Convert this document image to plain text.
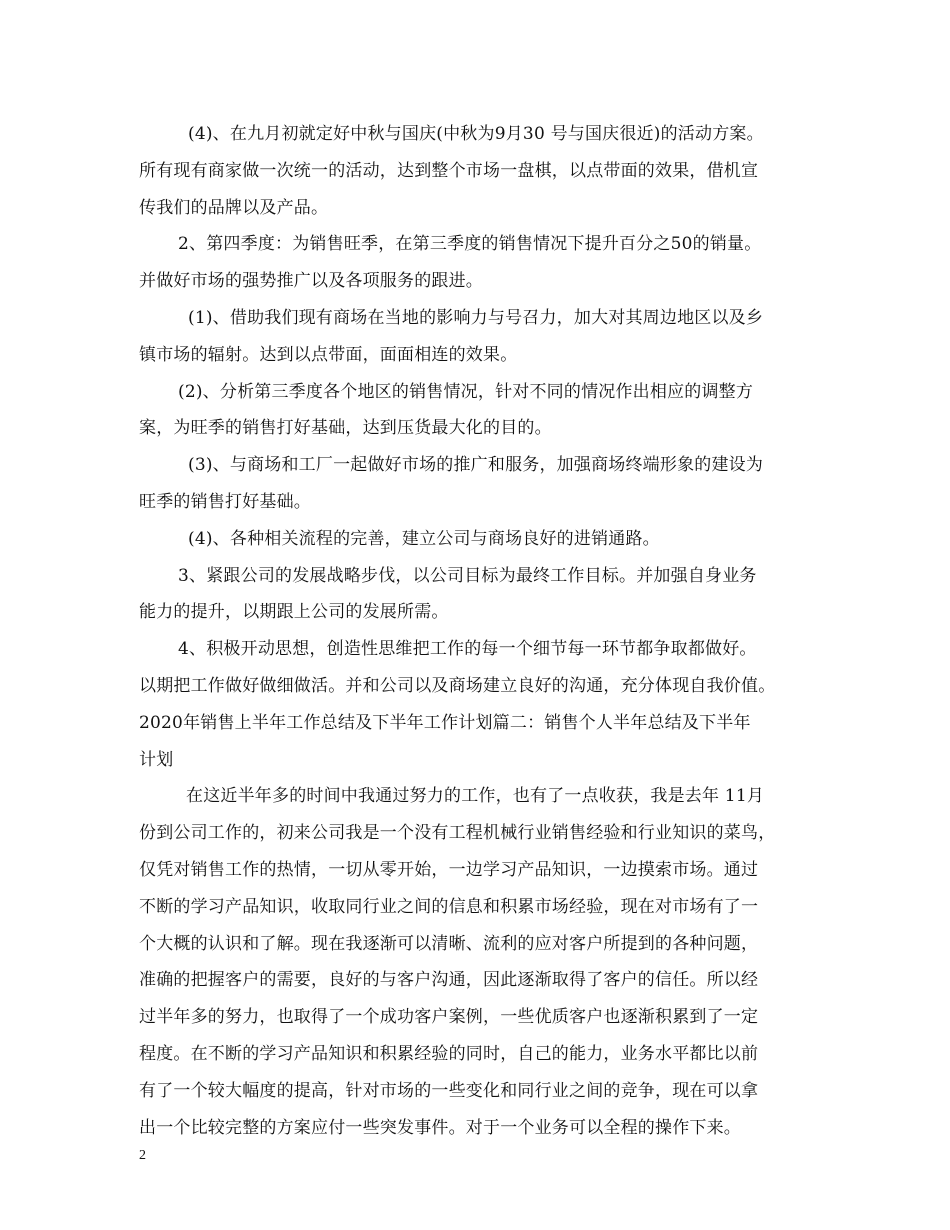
(4)、在九月初就定好中秋与国庆(中秋为9月30 号与国庆很近)的活动方案。
所有现有商家做一次统一的活动，达到整个市场一盘棋，以点带面的效果，借机宣
传我们的品牌以及产品。
2、第四季度：为销售旺季，在第三季度的销售情况下提升百分之50的销量。
并做好市场的强势推广以及各项服务的跟进。
(1)、借助我们现有商场在当地的影响力与号召力，加大对其周边地区以及乡
镇市场的辐射。达到以点带面，面面相连的效果。
(2)、分析第三季度各个地区的销售情况，针对不同的情况作出相应的调整方
案，为旺季的销售打好基础，达到压货最大化的目的。
(3)、与商场和工厂一起做好市场的推广和服务，加强商场终端形象的建设为
旺季的销售打好基础。
(4)、各种相关流程的完善，建立公司与商场良好的进销通路。
3、紧跟公司的发展战略步伐，以公司目标为最终工作目标。并加强自身业务
能力的提升，以期跟上公司的发展所需。
4、积极开动思想，创造性思维把工作的每一个细节每一环节都争取都做好。
以期把工作做好做细做活。并和公司以及商场建立良好的沟通，充分体现自我价值。
2020年销售上半年工作总结及下半年工作计划篇二：销售个人半年总结及下半年
计划
在这近半年多的时间中我通过努力的工作，也有了一点收获，我是去年 11月
份到公司工作的，初来公司我是一个没有工程机械行业销售经验和行业知识的菜鸟，
仅凭对销售工作的热情，一切从零开始，一边学习产品知识，一边摸索市场。通过
不断的学习产品知识，收取同行业之间的信息和积累市场经验，现在对市场有了一
个大概的认识和了解。现在我逐渐可以清晰、流利的应对客户所提到的各种问题，
准确的把握客户的需要，良好的与客户沟通，因此逐渐取得了客户的信任。所以经
过半年多的努力，也取得了一个成功客户案例，一些优质客户也逐渐积累到了一定
程度。在不断的学习产品知识和积累经验的同时，自己的能力，业务水平都比以前
有了一个较大幅度的提高，针对市场的一些变化和同行业之间的竞争，现在可以拿
出一个比较完整的方案应付一些突发事件。对于一个业务可以全程的操作下来。
2
